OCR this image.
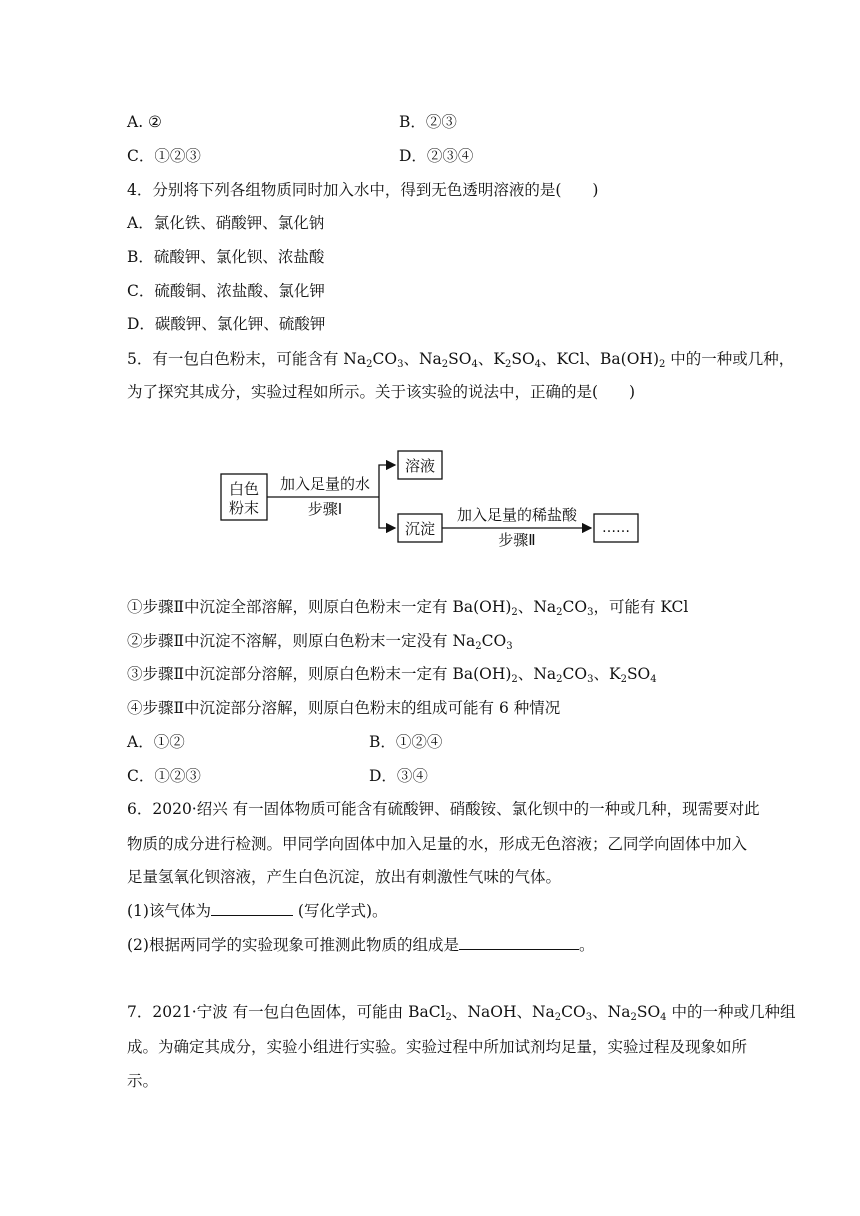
A. ②	B．②③
C．①②③	D．②③④
4．分别将下列各组物质同时加入水中，得到无色透明溶液的是(　　)
A．氯化铁、硝酸钾、氯化钠
B．硫酸钾、氯化钡、浓盐酸
C．硫酸铜、浓盐酸、氯化钾
D．碳酸钾、氯化钾、硫酸钾
5．有一包白色粉末，可能含有 $Na_2CO_3$、$Na_2SO_4$、$K_2SO_4$、KCl、$Ba(OH)_2$ 中的一种或几种，
为了探究其成分，实验过程如所示。关于该实验的说法中，正确的是(　　)
白色
粉末
加入足量的水
步骤Ⅰ
溶液
沉淀
加入足量的稀盐酸
步骤Ⅱ
……
①步骤Ⅱ中沉淀全部溶解，则原白色粉末一定有 $Ba(OH)_2$、$Na_2CO_3$，可能有 KCl
②步骤Ⅱ中沉淀不溶解，则原白色粉末一定没有 $Na_2CO_3$
③步骤Ⅱ中沉淀部分溶解，则原白色粉末一定有 $Ba(OH)_2$、$Na_2CO_3$、$K_2SO_4$
④步骤Ⅱ中沉淀部分溶解，则原白色粉末的组成可能有 6 种情况
A．①②	B．①②④
C．①②③	D．③④
6．2020·绍兴 有一固体物质可能含有硫酸钾、硝酸铵、氯化钡中的一种或几种，现需要对此
物质的成分进行检测。甲同学向固体中加入足量的水，形成无色溶液；乙同学向固体中加入
足量氢氧化钡溶液，产生白色沉淀，放出有刺激性气味的气体。
(1)该气体为	(写化学式)。
(2)根据两同学的实验现象可推测此物质的组成是	。
7．2021·宁波 有一包白色固体，可能由 BaCl$_2$、NaOH、$Na_2CO_3$、$Na_2SO_4$ 中的一种或几种组
成。为确定其成分，实验小组进行实验。实验过程中所加试剂均足量，实验过程及现象如所
示。
